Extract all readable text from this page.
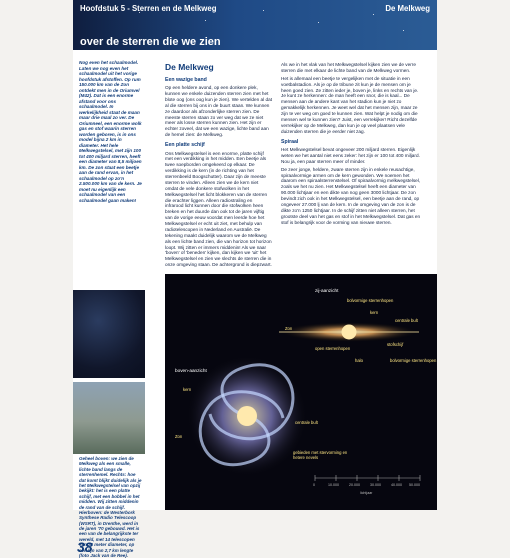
Hoofdstuk 5 - Sterren en de Melkweg	De Melkweg
over de sterren die we zien
Nog even het schaalmodel. Laten we nog even het schaalmodel uit het vorige hoofdstuk afstoffen. Op rum 150.000 km van de Zon ontdekt men in de Oriumvel (M42). Dat is een enorme afstand voor ons schaalmodel. In werkelijkheid staat de maan maar drie maal zo ver. De Oriumneel, een enorme wolk gas en stof waarin sterren worden geboren, is in ons model bijna 2 km in diameter. Het hele Melkwegstelsel, met zijn 100 tot 400 miljard sterren, heeft een diameter van 8,5 miljoen km. De zon staat een beetje aan de rand ervan, in het schaalmodel op zo'n 2.500.000 km van de kern. Je moet nu eigenlijk een schaalmodel van een schaalmodel gaan maken!
Geheel boven: we zien de Melkweg als een smalle, lichte band langs de sterrenhemel. Rechts: hoe dat komt blijkt duidelijk als je het Melkwegstelsel van opzij bekijkt: het is een platte schijf, met een bobbel in het midden. Wij zitten middenin de rand van de schijf. Hierboven: de Westerbork Synthese Radio Telescoop (WSRT), in Drenthe, werd in de jaren '70 gebouwd. Het is een van de belangrijkste ter wereld, met 14 telescopen van 25 meter diameter, op een lijn van 2,7 km lengte (foto Jack van de Ree).
38
De Melkweg
Een wazige band

Op een heldere avond, op een donkere plek, kunnen we enkele duizenden sterren zien met het blote oog (ons oog kun je zien). We vertelden al dat al die sterren bij ons in de buurt staan. We kunnen ze daardoor als afzonderlijke sterren zien. De meeste sterren staan zo ver weg dat we ze niet meer als losse sterren kunnen zien. Het zijn er echter zoveel, dat we een wazige, lichte band aan de hemel zien: de Melkweg.

Een platte schijf

Ons Melkwegstelsel is een enorme, platte schijf met een verdikking in het midden. Een beetje als twee soepborden omgekeerd op elkaar. De verdikking is de kern (in de richting van het sterrenbeeld Boogschutter). Daar zijn de meeste sterren te vinden. Alleen zien we de kern niet omdat de vele donkere stofwolken in het Melkwegstelsel het licht blokkeren van de sterren die erachter liggen. Alleen radiostraling en infrarood licht kunnen door die stofwolken heen breken en het duurde dan ook tot de jaren vijftig van de vorige eeuw voordat men leerde hoe het Melkwegstelsel er echt uit ziet, met behulp van radiotelescopen in Nederland en Australië. De tekening maakt duidelijk waarom we de Melkweg als een lichte band zien, die van horizon tot horizon loopt. Wij zitten er immers middenin! Als we naar 'boven' of 'beneden' kijken, dan kijken we 'uit' het Melkwegstelsel en zien we slechts de sterren die in onze omgeving staan. De achtergrond is diepzwart.

Als we in het vlak van het Melkwegstelsel kijken zien we de verre sterren die met elkaar de lichte band van de Melkweg vormen.

Het is allemaal een beetje te vergelijken met de situatie in een voetbalstadion. Als je op de tribune zit kun je de mensen om je heen goed zien. Ze zitten ieder je, boven je, links en rechts van je. Je kunt ze herkennen: de man heeft een snor, die is kaal... De mensen aan de andere kant van het stadion kun je niet zo gemakkelijk herkennen. Je weet wel dat het mensen zijn, maar ze zijn te ver weg om goed te kunnen zien. Wat helpt je nodig om die mensen wel te kunnen zien? Juist, een verrekijker! Richt dezelfde verrekijker op de Melkweg, dan kun je op veel plaatsen vele duizenden sterren die je eerder niet zag.

Spiraal

Het Melkwegstelsel bevat ongeveer 200 miljard sterren. Eigenlijk weten we het aantal niet eens zeker: het zijn er 100 tot 400 miljard. Nou ja, een paar sterren meer of minder.

De zeer jonge, heldere, zware sterren zijn in enkele reusachtige, spiraalvormige armen om de kern gewonden. We noemen het daarom een spiraalsterrenstelsel. Of spiraalvormig melkwegstelsel, zoals we het nu zien. Het Melkwegstelsel heeft een diameter van 90.000 lichtjaar en een dikte van nog geen 3000 lichtjaar. De zon bevindt zich ook in het Melkwegstelsel, een beetje aan de rand, op ongeveer 27.000 lj van de kern. In de omgeving van de zon is de dikte zo'n 1250 lichtjaar. In de schijf zitten niet alleen sterren, het grootste deel van het gas en stof in het Melkwegstelsel. Dat gas en stof is belangrijk voor de vorming van nieuwe sterren.

zij-aanzicht
boven-aanzicht
bolvormige sterrenhopen
kern
centrale bult
Zon
stofschijf
open sterrenhopen
halo	bolvormige sterrenhopen
kern
Zon
centrale bult
gebieden met stervorming en hetere nevels
0	10.000	20.000	30.000	40.000 50.000
lichtjaar
